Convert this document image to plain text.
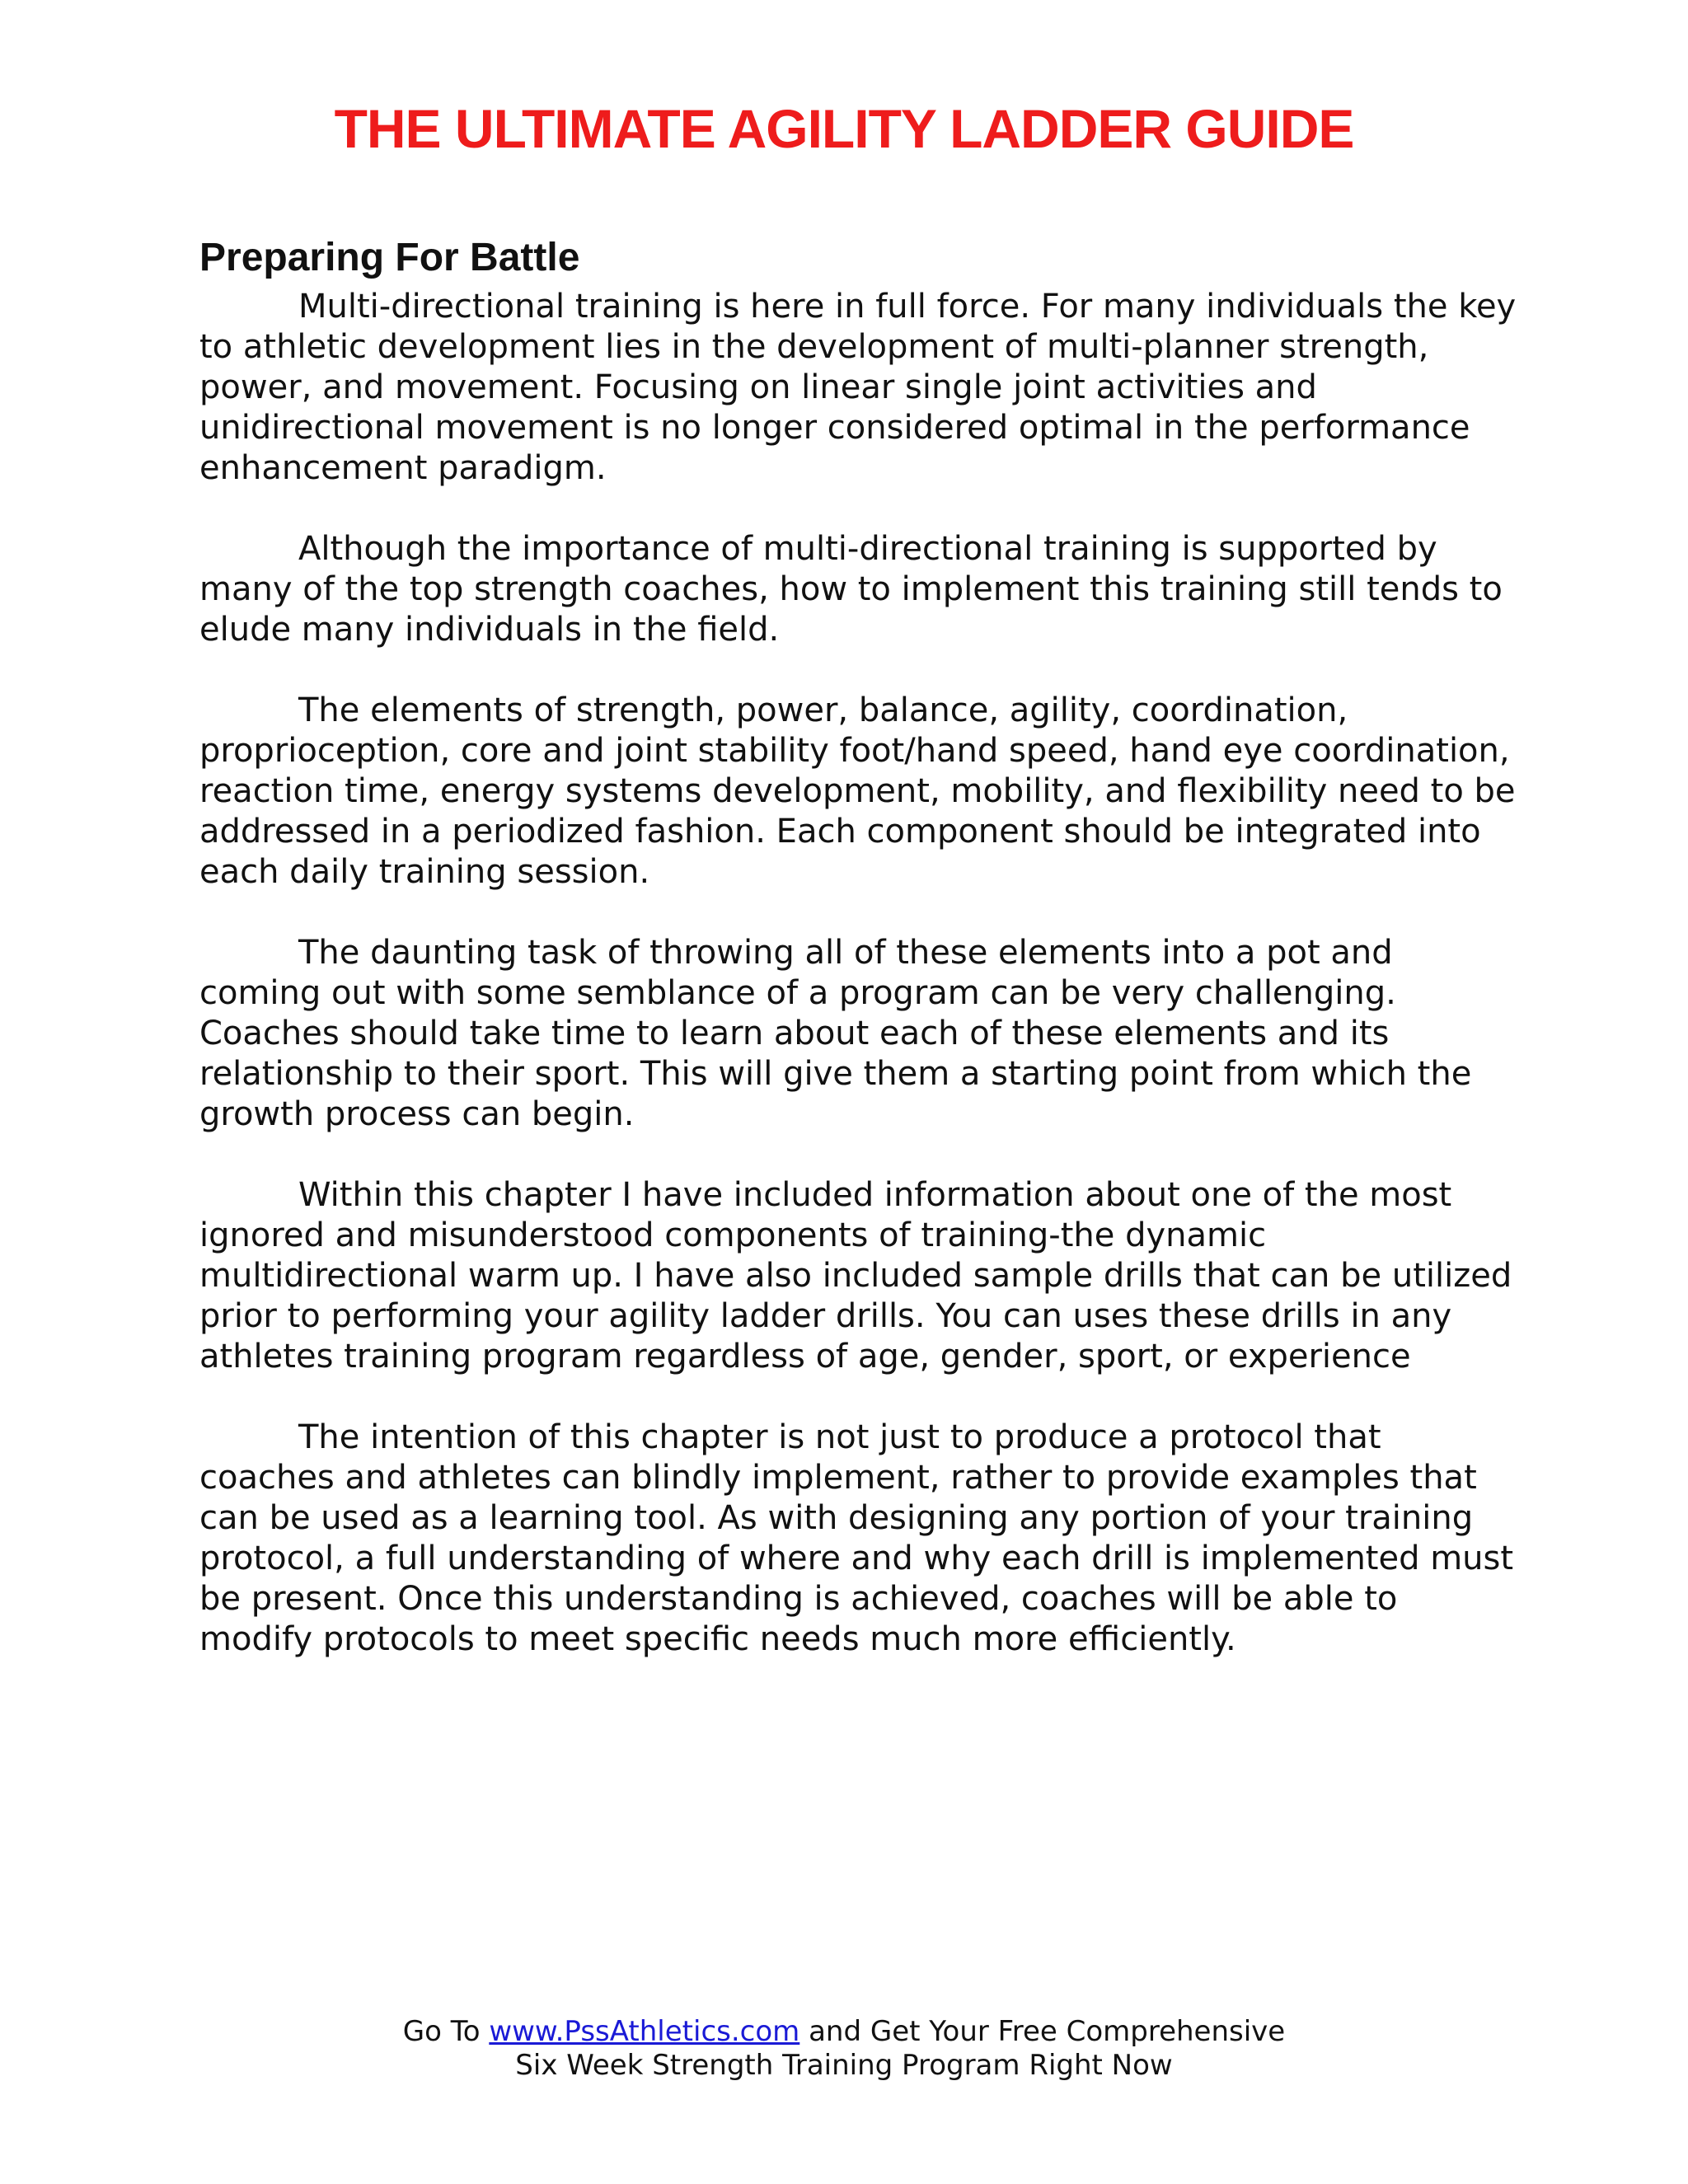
THE ULTIMATE AGILITY LADDER GUIDE
Preparing For Battle

Multi-directional training is here in full force. For many individuals the key to athletic development lies in the development of multi-planner strength, power, and movement. Focusing on linear single joint activities and unidirectional movement is no longer considered optimal in the performance enhancement paradigm.

Although the importance of multi-directional training is supported by many of the top strength coaches, how to implement this training still tends to elude many individuals in the field.

The elements of strength, power, balance, agility, coordination, proprioception, core and joint stability foot/hand speed, hand eye coordination, reaction time, energy systems development, mobility, and flexibility need to be addressed in a periodized fashion. Each component should be integrated into each daily training session.

The daunting task of throwing all of these elements into a pot and coming out with some semblance of a program can be very challenging. Coaches should take time to learn about each of these elements and its relationship to their sport. This will give them a starting point from which the growth process can begin.

Within this chapter I have included information about one of the most ignored and misunderstood components of training-the dynamic multidirectional warm up. I have also included sample drills that can be utilized prior to performing your agility ladder drills. You can uses these drills in any athletes training program regardless of age, gender, sport, or experience

The intention of this chapter is not just to produce a protocol that coaches and athletes can blindly implement, rather to provide examples that can be used as a learning tool. As with designing any portion of your training protocol, a full understanding of where and why each drill is implemented must be present. Once this understanding is achieved, coaches will be able to modify protocols to meet specific needs much more efficiently.

Go To www.PssAthletics.com and Get Your Free Comprehensive
Six Week Strength Training Program Right Now
